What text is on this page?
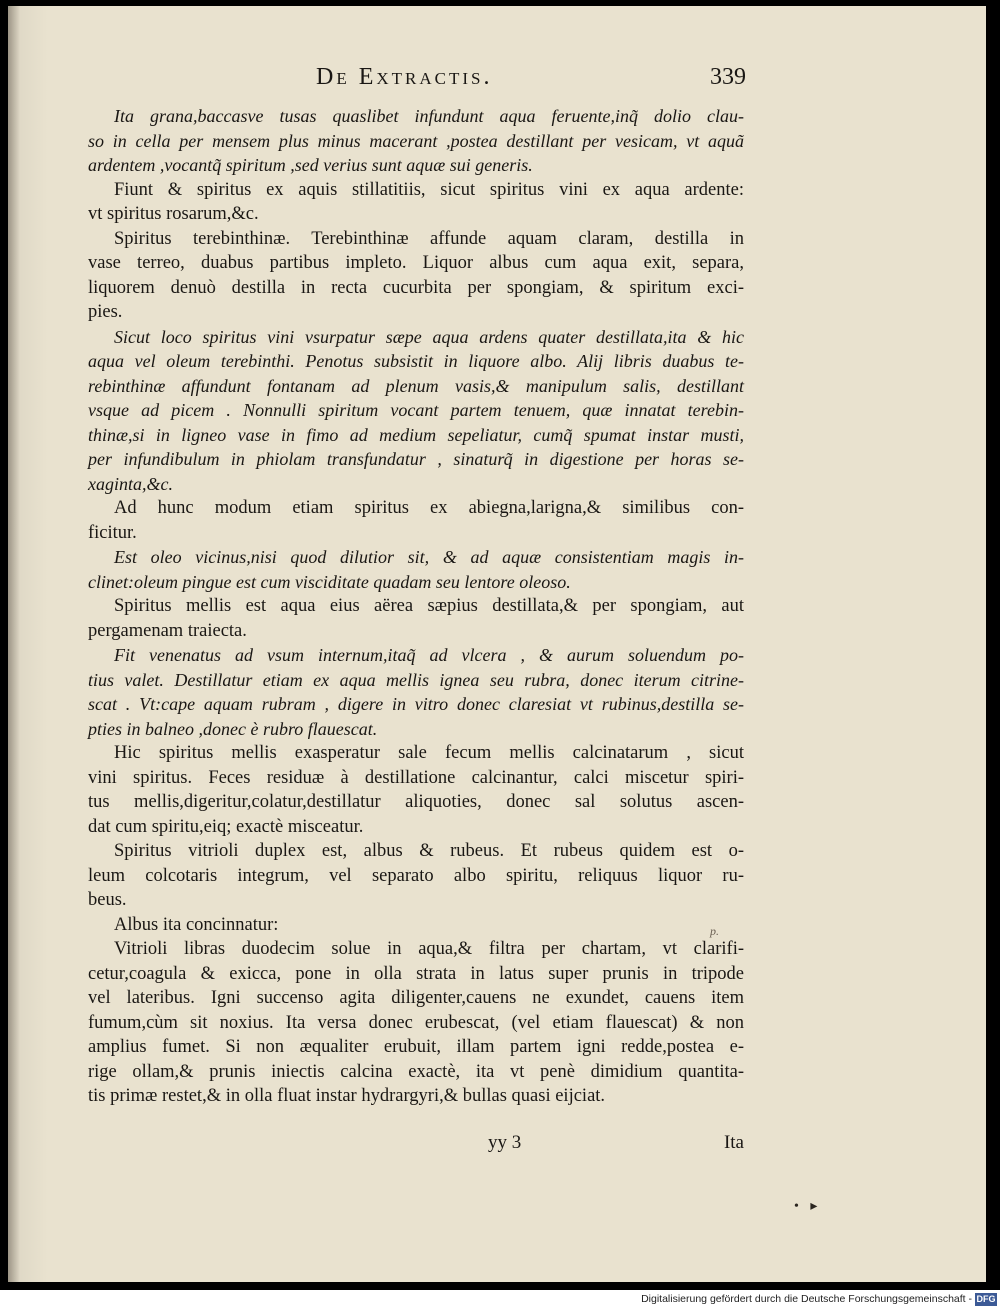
De Extractis.	339
Ita grana,baccasve tusas quaslibet infundunt aqua feruente,inq̃ dolio clau-
so in cella per mensem plus minus macerant ,postea destillant per vesicam, vt aquã
ardentem ,vocantq̃ spiritum ,sed verius sunt aquæ sui generis.
Fiunt & spiritus ex aquis stillatitiis, sicut spiritus vini ex aqua ardente:
vt spiritus rosarum,&c.
Spiritus terebinthinæ. Terebinthinæ affunde aquam claram, destilla in
vase terreo, duabus partibus impleto. Liquor albus cum aqua exit, separa,
liquorem denuò destilla in recta cucurbita per spongiam, & spiritum exci-
pies.
Sicut loco spiritus vini vsurpatur sæpe aqua ardens quater destillata,ita & hic
aqua vel oleum terebinthi. Penotus subsistit in liquore albo. Alij libris duabus te-
rebinthinæ affundunt fontanam ad plenum vasis,& manipulum salis, destillant
vsque ad picem . Nonnulli spiritum vocant partem tenuem, quæ innatat terebin-
thinæ,si in ligneo vase in fimo ad medium sepeliatur, cumq̃ spumat instar musti,
per infundibulum in phiolam transfundatur , sinaturq̃ in digestione per horas se-
xaginta,&c.
Ad hunc modum etiam spiritus ex abiegna,larigna,& similibus con-
ficitur.
Est oleo vicinus,nisi quod dilutior sit, & ad aquæ consistentiam magis in-
clinet:oleum pingue est cum visciditate quadam seu lentore oleoso.
Spiritus mellis est aqua eius aërea sæpius destillata,& per spongiam, aut
pergamenam traiecta.
Fit venenatus ad vsum internum,itaq̃ ad vlcera , & aurum soluendum po-
tius valet. Destillatur etiam ex aqua mellis ignea seu rubra, donec iterum citrine-
scat . Vt:cape aquam rubram , digere in vitro donec claresiat vt rubinus,destilla se-
pties in balneo ,donec è rubro flauescat.
Hic spiritus mellis exasperatur sale fecum mellis calcinatarum , sicut
vini spiritus. Feces residuæ à destillatione calcinantur, calci miscetur spiri-
tus mellis,digeritur,colatur,destillatur aliquoties, donec sal solutus ascen-
dat cum spiritu,eiq; exactè misceatur.
Spiritus vitrioli duplex est, albus & rubeus. Et rubeus quidem est o-
leum colcotaris integrum, vel separato albo spiritu, reliquus liquor ru-
beus.
Albus ita concinnatur:
Vitrioli libras duodecim solue in aqua,& filtra per chartam, vt clarifi-
cetur,coagula & exicca, pone in olla strata in latus super prunis in tripode
vel lateribus. Igni succenso agita diligenter,cauens ne exundet, cauens item
fumum,cùm sit noxius. Ita versa donec erubescat, (vel etiam flauescat) & non
amplius fumet. Si non æqualiter erubuit, illam partem igni redde,postea e-
rige ollam,& prunis iniectis calcina exactè, ita vt penè dimidium quantita-
tis primæ restet,& in olla fluat instar hydrargyri,& bullas quasi eijciat.
p.
yy 3	Ita
• ▸
Digitalisierung gefördert durch die Deutsche Forschungsgemeinschaft - DFG
